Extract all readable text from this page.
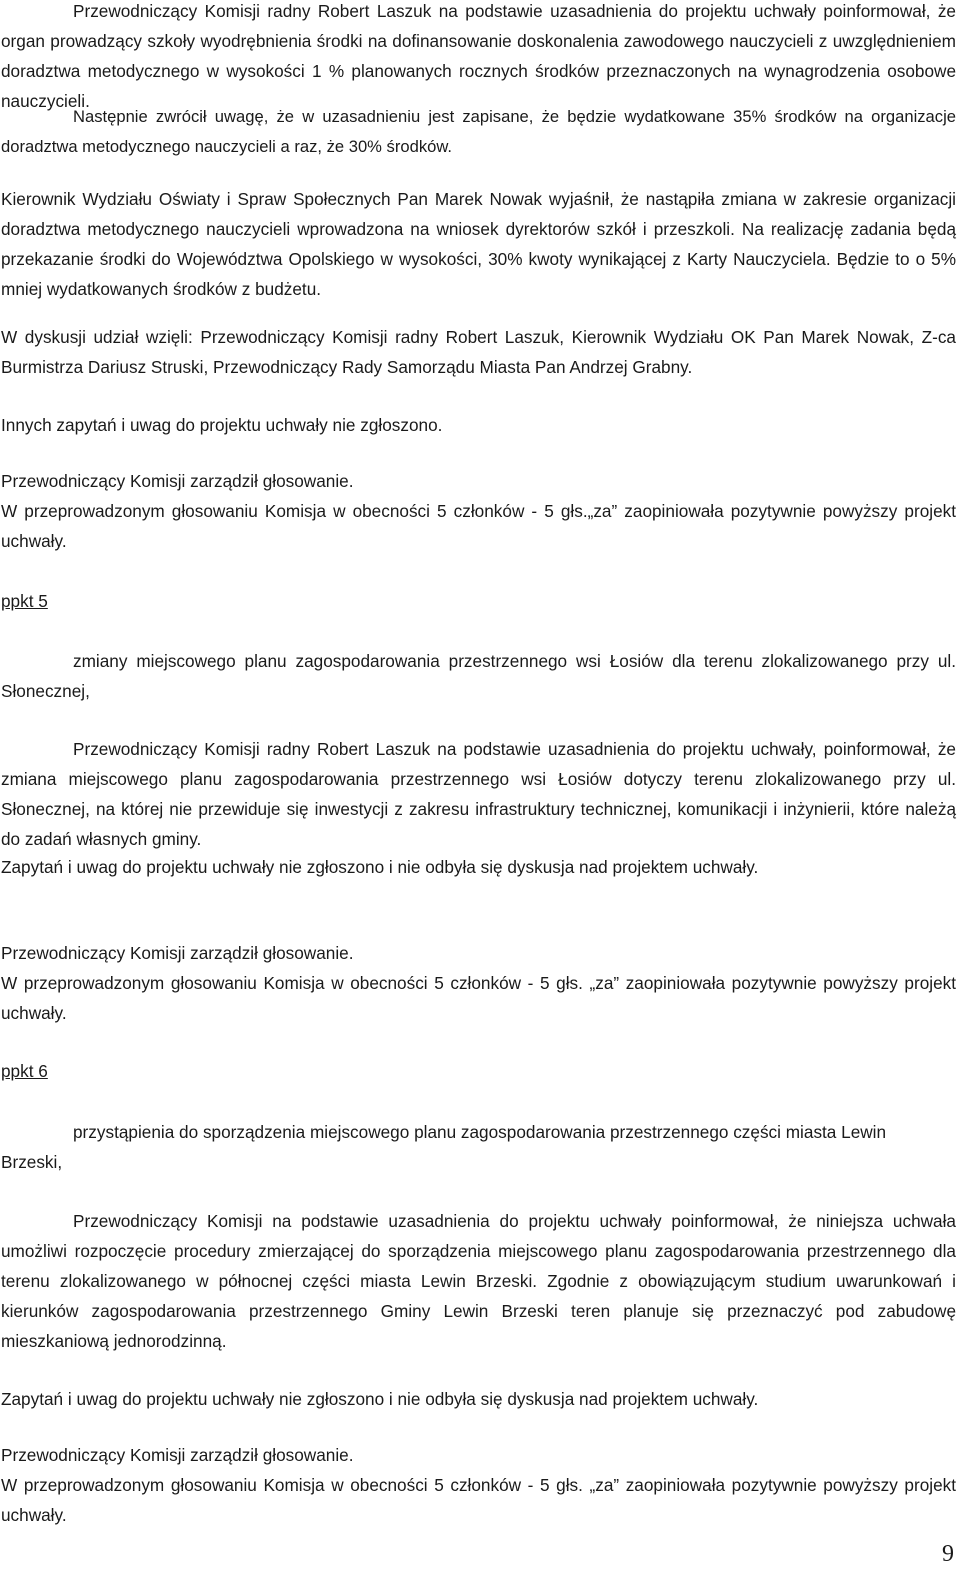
Przewodniczący Komisji radny Robert Laszuk na podstawie uzasadnienia do projektu uchwały poinformował, że organ prowadzący szkoły wyodrębnienia środki na dofinansowanie doskonalenia zawodowego nauczycieli z uwzględnieniem doradztwa metodycznego w wysokości 1 % planowanych rocznych środków przeznaczonych na wynagrodzenia osobowe nauczycieli.

Następnie zwrócił uwagę, że w uzasadnieniu jest zapisane, że będzie wydatkowane 35% środków na organizacje doradztwa metodycznego nauczycieli a raz, że 30% środków.

Kierownik Wydziału Oświaty i Spraw Społecznych Pan Marek Nowak wyjaśnił, że nastąpiła zmiana w zakresie organizacji doradztwa metodycznego nauczycieli wprowadzona na wniosek dyrektorów szkół i przeszkoli. Na realizację zadania będą przekazanie środki do Województwa Opolskiego w wysokości, 30% kwoty wynikającej z Karty Nauczyciela. Będzie to o 5% mniej wydatkowanych środków z budżetu.

W dyskusji udział wzięli: Przewodniczący Komisji radny Robert Laszuk, Kierownik Wydziału OK Pan Marek Nowak, Z-ca Burmistrza Dariusz Struski, Przewodniczący Rady Samorządu Miasta Pan Andrzej Grabny.

Innych zapytań i uwag do projektu uchwały nie zgłoszono.

Przewodniczący Komisji zarządził głosowanie.

W przeprowadzonym głosowaniu Komisja w obecności 5 członków - 5 głs.„za” zaopiniowała pozytywnie powyższy projekt uchwały.

ppkt 5

zmiany miejscowego planu zagospodarowania przestrzennego wsi Łosiów dla terenu zlokalizowanego przy ul. Słonecznej,

Przewodniczący Komisji radny Robert Laszuk na podstawie uzasadnienia do projektu uchwały, poinformował, że zmiana miejscowego planu zagospodarowania przestrzennego wsi Łosiów dotyczy terenu zlokalizowanego przy ul. Słonecznej, na której nie przewiduje się inwestycji z zakresu infrastruktury technicznej, komunikacji i inżynierii, które należą do zadań własnych gminy.

Zapytań i uwag do projektu uchwały nie zgłoszono i nie odbyła się dyskusja nad projektem uchwały.

Przewodniczący Komisji zarządził głosowanie.

W przeprowadzonym głosowaniu Komisja w obecności 5 członków - 5 głs. „za” zaopiniowała pozytywnie powyższy projekt uchwały.

ppkt 6

przystąpienia do sporządzenia miejscowego planu zagospodarowania przestrzennego części miasta Lewin Brzeski,

Przewodniczący Komisji na podstawie uzasadnienia do projektu uchwały poinformował, że niniejsza uchwała umożliwi rozpoczęcie procedury zmierzającej do sporządzenia miejscowego planu zagospodarowania przestrzennego dla terenu zlokalizowanego w północnej części miasta Lewin Brzeski. Zgodnie z obowiązującym studium uwarunkowań i kierunków zagospodarowania przestrzennego Gminy Lewin Brzeski teren planuje się przeznaczyć pod zabudowę mieszkaniową jednorodzinną.

Zapytań i uwag do projektu uchwały nie zgłoszono i nie odbyła się dyskusja nad projektem uchwały.

Przewodniczący Komisji zarządził głosowanie.

W przeprowadzonym głosowaniu Komisja w obecności 5 członków - 5 głs. „za” zaopiniowała pozytywnie powyższy projekt uchwały.

9
